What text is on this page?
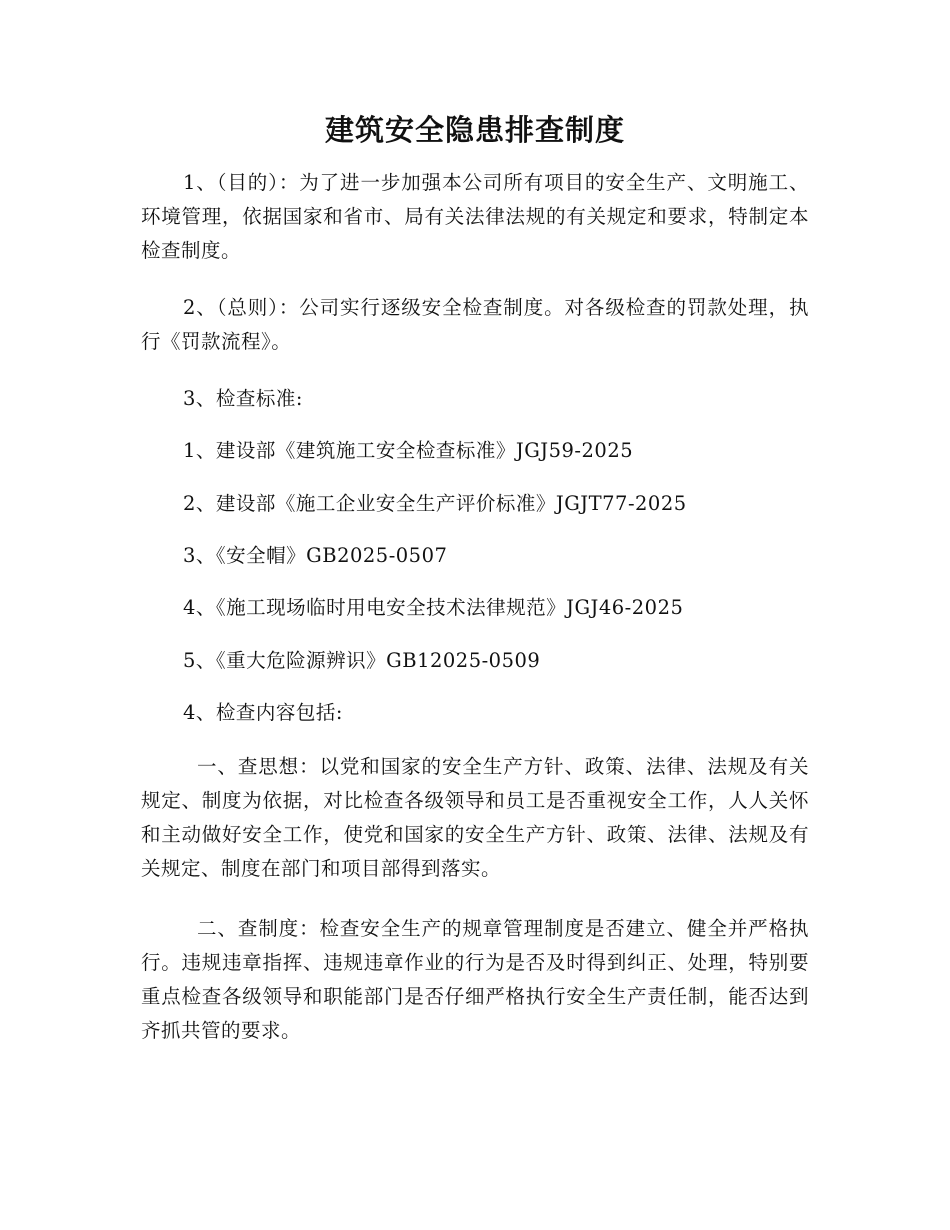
建筑安全隐患排查制度

1、（目的）：为了进一步加强本公司所有项目的安全生产、文明施工、环境管理，依据国家和省市、局有关法律法规的有关规定和要求，特制定本检查制度。

2、（总则）：公司实行逐级安全检查制度。对各级检查的罚款处理，执行《罚款流程》。

3、检查标准:

1、建设部《建筑施工安全检查标准》JGJ59-2025

2、建设部《施工企业安全生产评价标准》JGJT77-2025

3、《安全帽》GB2025-0507

4、《施工现场临时用电安全技术法律规范》JGJ46-2025

5、《重大危险源辨识》GB12025-0509

4、检查内容包括:

一、查思想：以党和国家的安全生产方针、政策、法律、法规及有关规定、制度为依据，对比检查各级领导和员工是否重视安全工作，人人关怀和主动做好安全工作，使党和国家的安全生产方针、政策、法律、法规及有关规定、制度在部门和项目部得到落实。

二、查制度：检查安全生产的规章管理制度是否建立、健全并严格执行。违规违章指挥、违规违章作业的行为是否及时得到纠正、处理，特别要重点检查各级领导和职能部门是否仔细严格执行安全生产责任制，能否达到齐抓共管的要求。
